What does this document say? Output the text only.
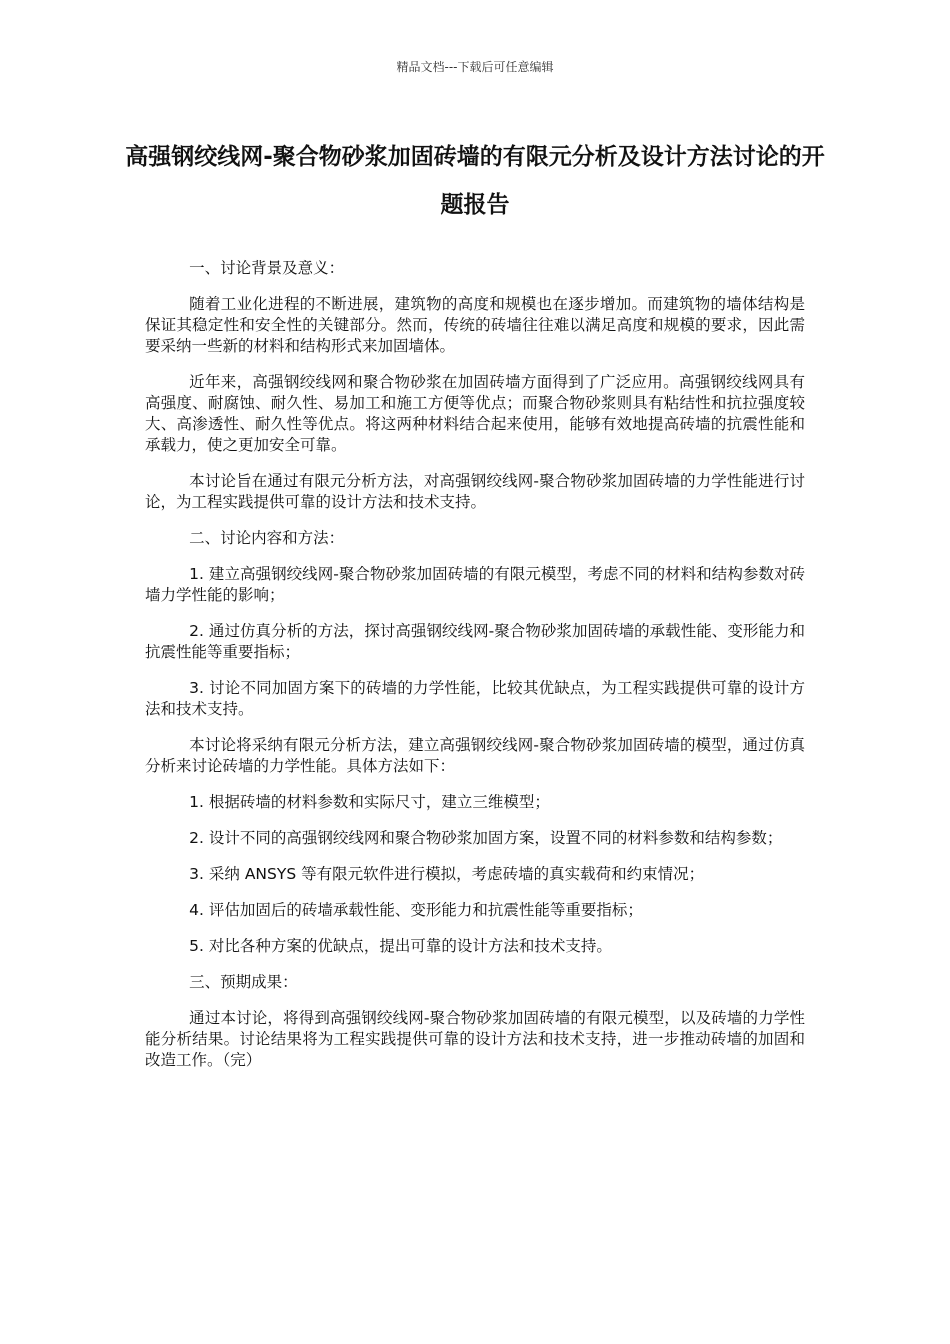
精品文档---下载后可任意编辑
高强钢绞线网-聚合物砂浆加固砖墙的有限元分析及设计方法讨论的开题报告

一、讨论背景及意义：

随着工业化进程的不断进展，建筑物的高度和规模也在逐步增加。而建筑物的墙体结构是保证其稳定性和安全性的关键部分。然而，传统的砖墙往往难以满足高度和规模的要求，因此需要采纳一些新的材料和结构形式来加固墙体。

近年来，高强钢绞线网和聚合物砂浆在加固砖墙方面得到了广泛应用。高强钢绞线网具有高强度、耐腐蚀、耐久性、易加工和施工方便等优点；而聚合物砂浆则具有粘结性和抗拉强度较大、高渗透性、耐久性等优点。将这两种材料结合起来使用，能够有效地提高砖墙的抗震性能和承载力，使之更加安全可靠。

本讨论旨在通过有限元分析方法，对高强钢绞线网-聚合物砂浆加固砖墙的力学性能进行讨论，为工程实践提供可靠的设计方法和技术支持。

二、讨论内容和方法：

1. 建立高强钢绞线网-聚合物砂浆加固砖墙的有限元模型，考虑不同的材料和结构参数对砖墙力学性能的影响；

2. 通过仿真分析的方法，探讨高强钢绞线网-聚合物砂浆加固砖墙的承载性能、变形能力和抗震性能等重要指标；

3. 讨论不同加固方案下的砖墙的力学性能，比较其优缺点，为工程实践提供可靠的设计方法和技术支持。

本讨论将采纳有限元分析方法，建立高强钢绞线网-聚合物砂浆加固砖墙的模型，通过仿真分析来讨论砖墙的力学性能。具体方法如下：

1. 根据砖墙的材料参数和实际尺寸，建立三维模型；

2. 设计不同的高强钢绞线网和聚合物砂浆加固方案，设置不同的材料参数和结构参数；

3. 采纳 ANSYS 等有限元软件进行模拟，考虑砖墙的真实载荷和约束情况；

4. 评估加固后的砖墙承载性能、变形能力和抗震性能等重要指标；

5. 对比各种方案的优缺点，提出可靠的设计方法和技术支持。

三、预期成果：

通过本讨论，将得到高强钢绞线网-聚合物砂浆加固砖墙的有限元模型，以及砖墙的力学性能分析结果。讨论结果将为工程实践提供可靠的设计方法和技术支持，进一步推动砖墙的加固和改造工作。（完）
